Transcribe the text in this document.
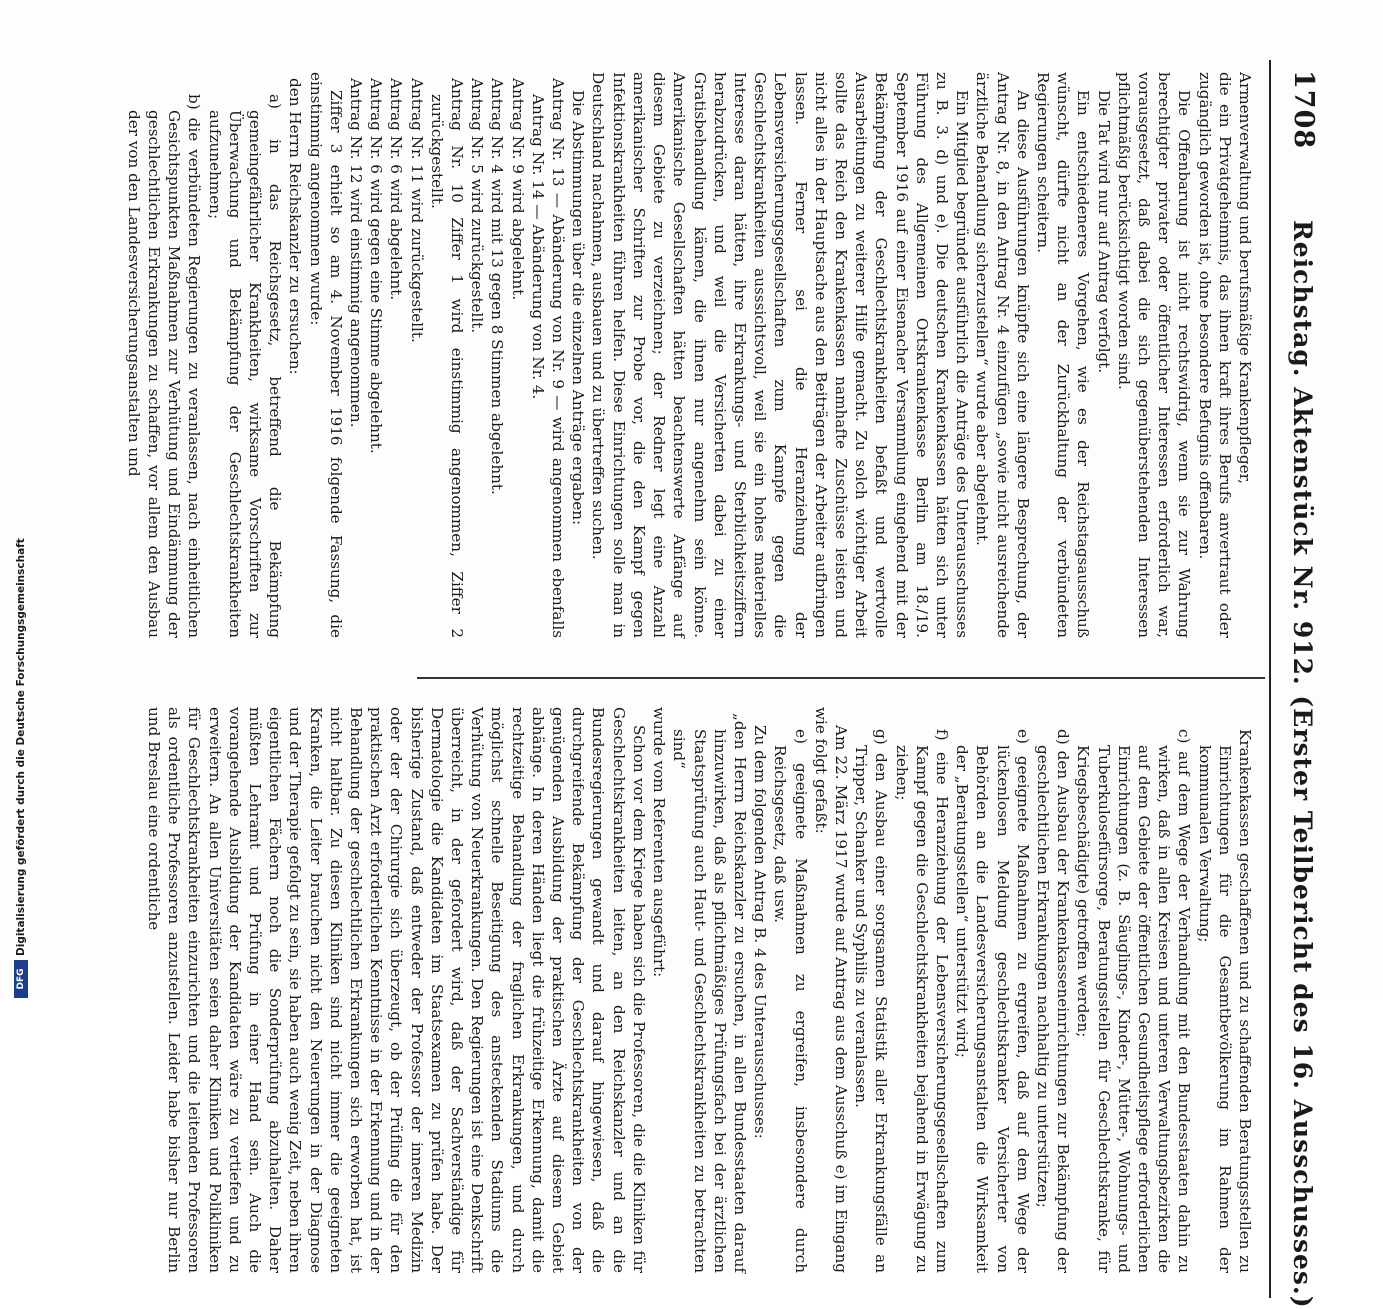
1708
Reichstag. Aktenstück Nr. 912. (Erster Teilbericht des 16. Ausschusses.)

Armenverwaltung und berufsmäßige Krankenpfleger,

die ein Privatgeheimnis, das ihnen kraft ihres Berufs anvertraut oder zugänglich geworden ist, ohne besondere Befugnis offenbaren.

Die Offenbarung ist nicht rechtswidrig, wenn sie zur Wahrung berechtigter privater oder öffentlicher Interessen erforderlich war, vorausgesetzt, daß dabei die sich gegenüberstehenden Interessen pflichtmäßig berücksichtigt worden sind.

Die Tat wird nur auf Antrag verfolgt.

Ein entschiedeneres Vorgehen, wie es der Reichstagsausschuß wünscht, dürfte nicht an der Zurückhaltung der verbündeten Regierungen scheitern.

An diese Ausführungen knüpfte sich eine längere Besprechung, der Antrag Nr. 8, in den Antrag Nr. 4 einzufügen „sowie nicht ausreichende ärztliche Behandlung sicherzustellen“ wurde aber abgelehnt.

Ein Mitglied begründet ausführlich die Anträge des Unterausschusses zu B. 3. d) und e). Die deutschen Krankenkassen hätten sich unter Führung des Allgemeinen Ortskrankenkasse Berlin am 18./19. September 1916 auf einer Eisenacher Versammlung eingehend mit der Bekämpfung der Geschlechtskrankheiten befaßt und wertvolle Ausarbeitungen zu weiterer Hilfe gemacht. Zu solch wichtiger Arbeit sollte das Reich den Krankenkassen namhafte Zuschüsse leisten und nicht alles in der Hauptsache aus den Beiträgen der Arbeiter aufbringen lassen. Ferner sei die Heranziehung der Lebensversicherungsgesellschaften zum Kampfe gegen die Geschlechtskrankheiten ausssichtsvoll, weil sie ein hohes materielles Interesse daran hätten, ihre Erkrankungs- und Sterblichkeitsziffern herabzudrücken, und weil die Versicherten dabei zu einer Gratisbehandlung kämen, die ihnen nur angenehm sein könne. Amerikanische Gesellschaften hätten beachtenswerte Anfänge auf diesem Gebiete zu verzeichnen; der Redner legt eine Anzahl amerikanischer Schriften zur Probe vor, die den Kampf gegen Infektionskrankheiten führen helfen. Diese Einrichtungen solle man in Deutschland nachahmen, ausbauen und zu übertreffen suchen.

Die Abstimmungen über die einzelnen Anträge ergaben:

Antrag Nr. 13 — Abänderung von Nr. 9 — wird angenommen ebenfalls Antrag Nr. 14 — Abänderung von Nr. 4.

Antrag Nr. 9 wird abgelehnt.

Antrag Nr. 4 wird mit 13 gegen 8 Stimmen abgelehnt.

Antrag Nr. 5 wird zurückgestellt.

Antrag Nr. 10 Ziffer 1 wird einstimmig angenommen, Ziffer 2 zurückgestellt.

Antrag Nr. 11 wird zurückgestellt.

Antrag Nr. 6 wird abgelehnt.

Antrag Nr. 6 wird gegen eine Stimme abgelehnt.

Antrag Nr. 12 wird einstimmig angenommen.

Ziffer 3 erhielt so am 4. November 1916 folgende Fassung, die einstimmig angenommen wurde:

den Herrn Reichskanzler zu ersuchen:

a) in das Reichsgesetz, betreffend die Bekämpfung gemeingefährlicher Krankheiten, wirksame Vorschriften zur Überwachung und Bekämpfung der Geschlechtskrankheiten aufzunehmen;

b) die verbündeten Regierungen zu veranlassen, nach einheitlichen Gesichtspunkten Maßnahmen zur Verhütung und Eindämmung der geschlechtlichen Erkrankungen zu schaffen, vor allem den Ausbau der von den Landesversicherungsanstalten und

Krankenkassen geschaffenen und zu schaffenden Beratungsstellen zu Einrichtungen für die Gesamtbevölkerung im Rahmen der kommunalen Verwaltung;

c) auf dem Wege der Verhandlung mit den Bundesstaaten dahin zu wirken, daß in allen Kreisen und unteren Verwaltungsbezirken die auf dem Gebiete der öffentlichen Gesundheitspflege erforderlichen Einrichtungen (z. B. Säuglings-, Kinder-, Mütter-, Wohnungs- und Tuberkulosefürsorge, Beratungsstellen für Geschlechtskranke, für Kriegsbeschädigte) getroffen werden;

d) den Ausbau der Krankenkasseneinrichtungen zur Bekämpfung der geschlechtlichen Erkrankungen nachhaltig zu unterstützen;

e) geeignete Maßnahmen zu ergreifen, daß auf dem Wege der lückenlosen Meldung geschlechtskranker Versicherter von Behörden an die Landesversicherungsanstalten die Wirksamkeit der „Beratungsstellen“ unterstützt wird;

f) eine Heranziehung der Lebensversicherungsgesellschaften zum Kampf gegen die Geschlechtskrankheiten bejahend in Erwägung zu ziehen;

g) den Ausbau einer sorgsamen Statistik aller Erkrankungsfälle an Tripper, Schanker und Syphilis zu veranlassen.

Am 22. März 1917 wurde auf Antrag aus dem Ausschuß e) im Eingang wie folgt gefaßt:

e) geeignete Maßnahmen zu ergreifen, insbesondere durch Reichsgesetz, daß usw.

Zu dem folgenden Antrag B. 4 des Unterausschusses:

„den Herrn Reichskanzler zu ersuchen, in allen Bundesstaaten darauf hinzuwirken, daß als pflichtmäßiges Prüfungsfach bei der ärztlichen Staatsprüfung auch Haut- und Geschlechtskrankheiten zu betrachten sind“

wurde vom Referenten ausgeführt:

Schon vor dem Kriege haben sich die Professoren, die die Kliniken für Geschlechtskrankheiten leiten, an den Reichskanzler und an die Bundesregierungen gewandt und darauf hingewiesen, daß die durchgreifende Bekämpfung der Geschlechtskrankheiten von der genügenden Ausbildung der praktischen Ärzte auf diesem Gebiet abhänge. In deren Händen liegt die frühzeitige Erkennung, damit die rechtzeitige Behandlung der fraglichen Erkrankungen, und durch möglichst schnelle Beseitigung des ansteckenden Stadiums die Verhütung von Neuerkrankungen. Den Regierungen ist eine Denkschrift überreicht, in der gefordert wird, daß der Sachverständige für Dermatologie die Kandidaten im Staatsexamen zu prüfen habe. Der bisherige Zustand, daß entweder der Professor der inneren Medizin oder der der Chirurgie sich überzeugt, ob der Prüfling die für den praktischen Arzt erforderlichen Kenntnisse in der Erkennung und in der Behandlung der geschlechtlichen Erkrankungen sich erworben hat, ist nicht haltbar. Zu diesen Kliniken sind nicht immer die geeigneten Kranken, die Leiter brauchen nicht den Neuerungen in der Diagnose und der Therapie gefolgt zu sein, sie haben auch wenig Zeit, neben ihren eigentlichen Fächern noch die Sonderprüfung abzuhalten. Daher müßten Lehramt und Prüfung in einer Hand sein. Auch die vorangehende Ausbildung der Kandidaten wäre zu vertiefen und zu erweitern. An allen Universitäten seien daher Kliniken und Polikliniken für Geschlechtskrankheiten einzurichten und die leitenden Professoren als ordentliche Professoren anzustellen. Leider habe bisher nur Berlin und Breslau eine ordentliche

DFG
Digitalisierung gefördert durch die Deutsche Forschungsgemeinschaft
